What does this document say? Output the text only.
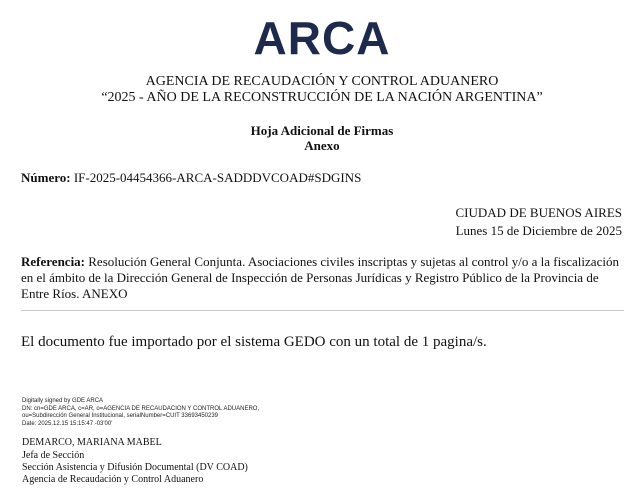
ARCA
AGENCIA DE RECAUDACIÓN Y CONTROL ADUANERO
“2025 - AÑO DE LA RECONSTRUCCIÓN DE LA NACIÓN ARGENTINA”
Hoja Adicional de Firmas
Anexo
Número: IF-2025-04454366-ARCA-SADDDVCOAD#SDGINS
CIUDAD DE BUENOS AIRES
Lunes 15 de Diciembre de 2025
Referencia: Resolución General Conjunta. Asociaciones civiles inscriptas y sujetas al control y/o a la fiscalización en el ámbito de la Dirección General de Inspección de Personas Jurídicas y Registro Público de la Provincia de Entre Ríos. ANEXO
El documento fue importado por el sistema GEDO con un total de 1 pagina/s.
Digitally signed by GDE ARCA
DN: cn=GDE ARCA, c=AR, o=AGENCIA DE RECAUDACION Y CONTROL ADUANERO,
ou=Subdirección General Institucional, serialNumber=CUIT 33693450239
Date: 2025.12.15 15:15:47 -03'00'
DEMARCO, MARIANA MABEL
Jefa de Sección
Sección Asistencia y Difusión Documental (DV COAD)
Agencia de Recaudación y Control Aduanero
